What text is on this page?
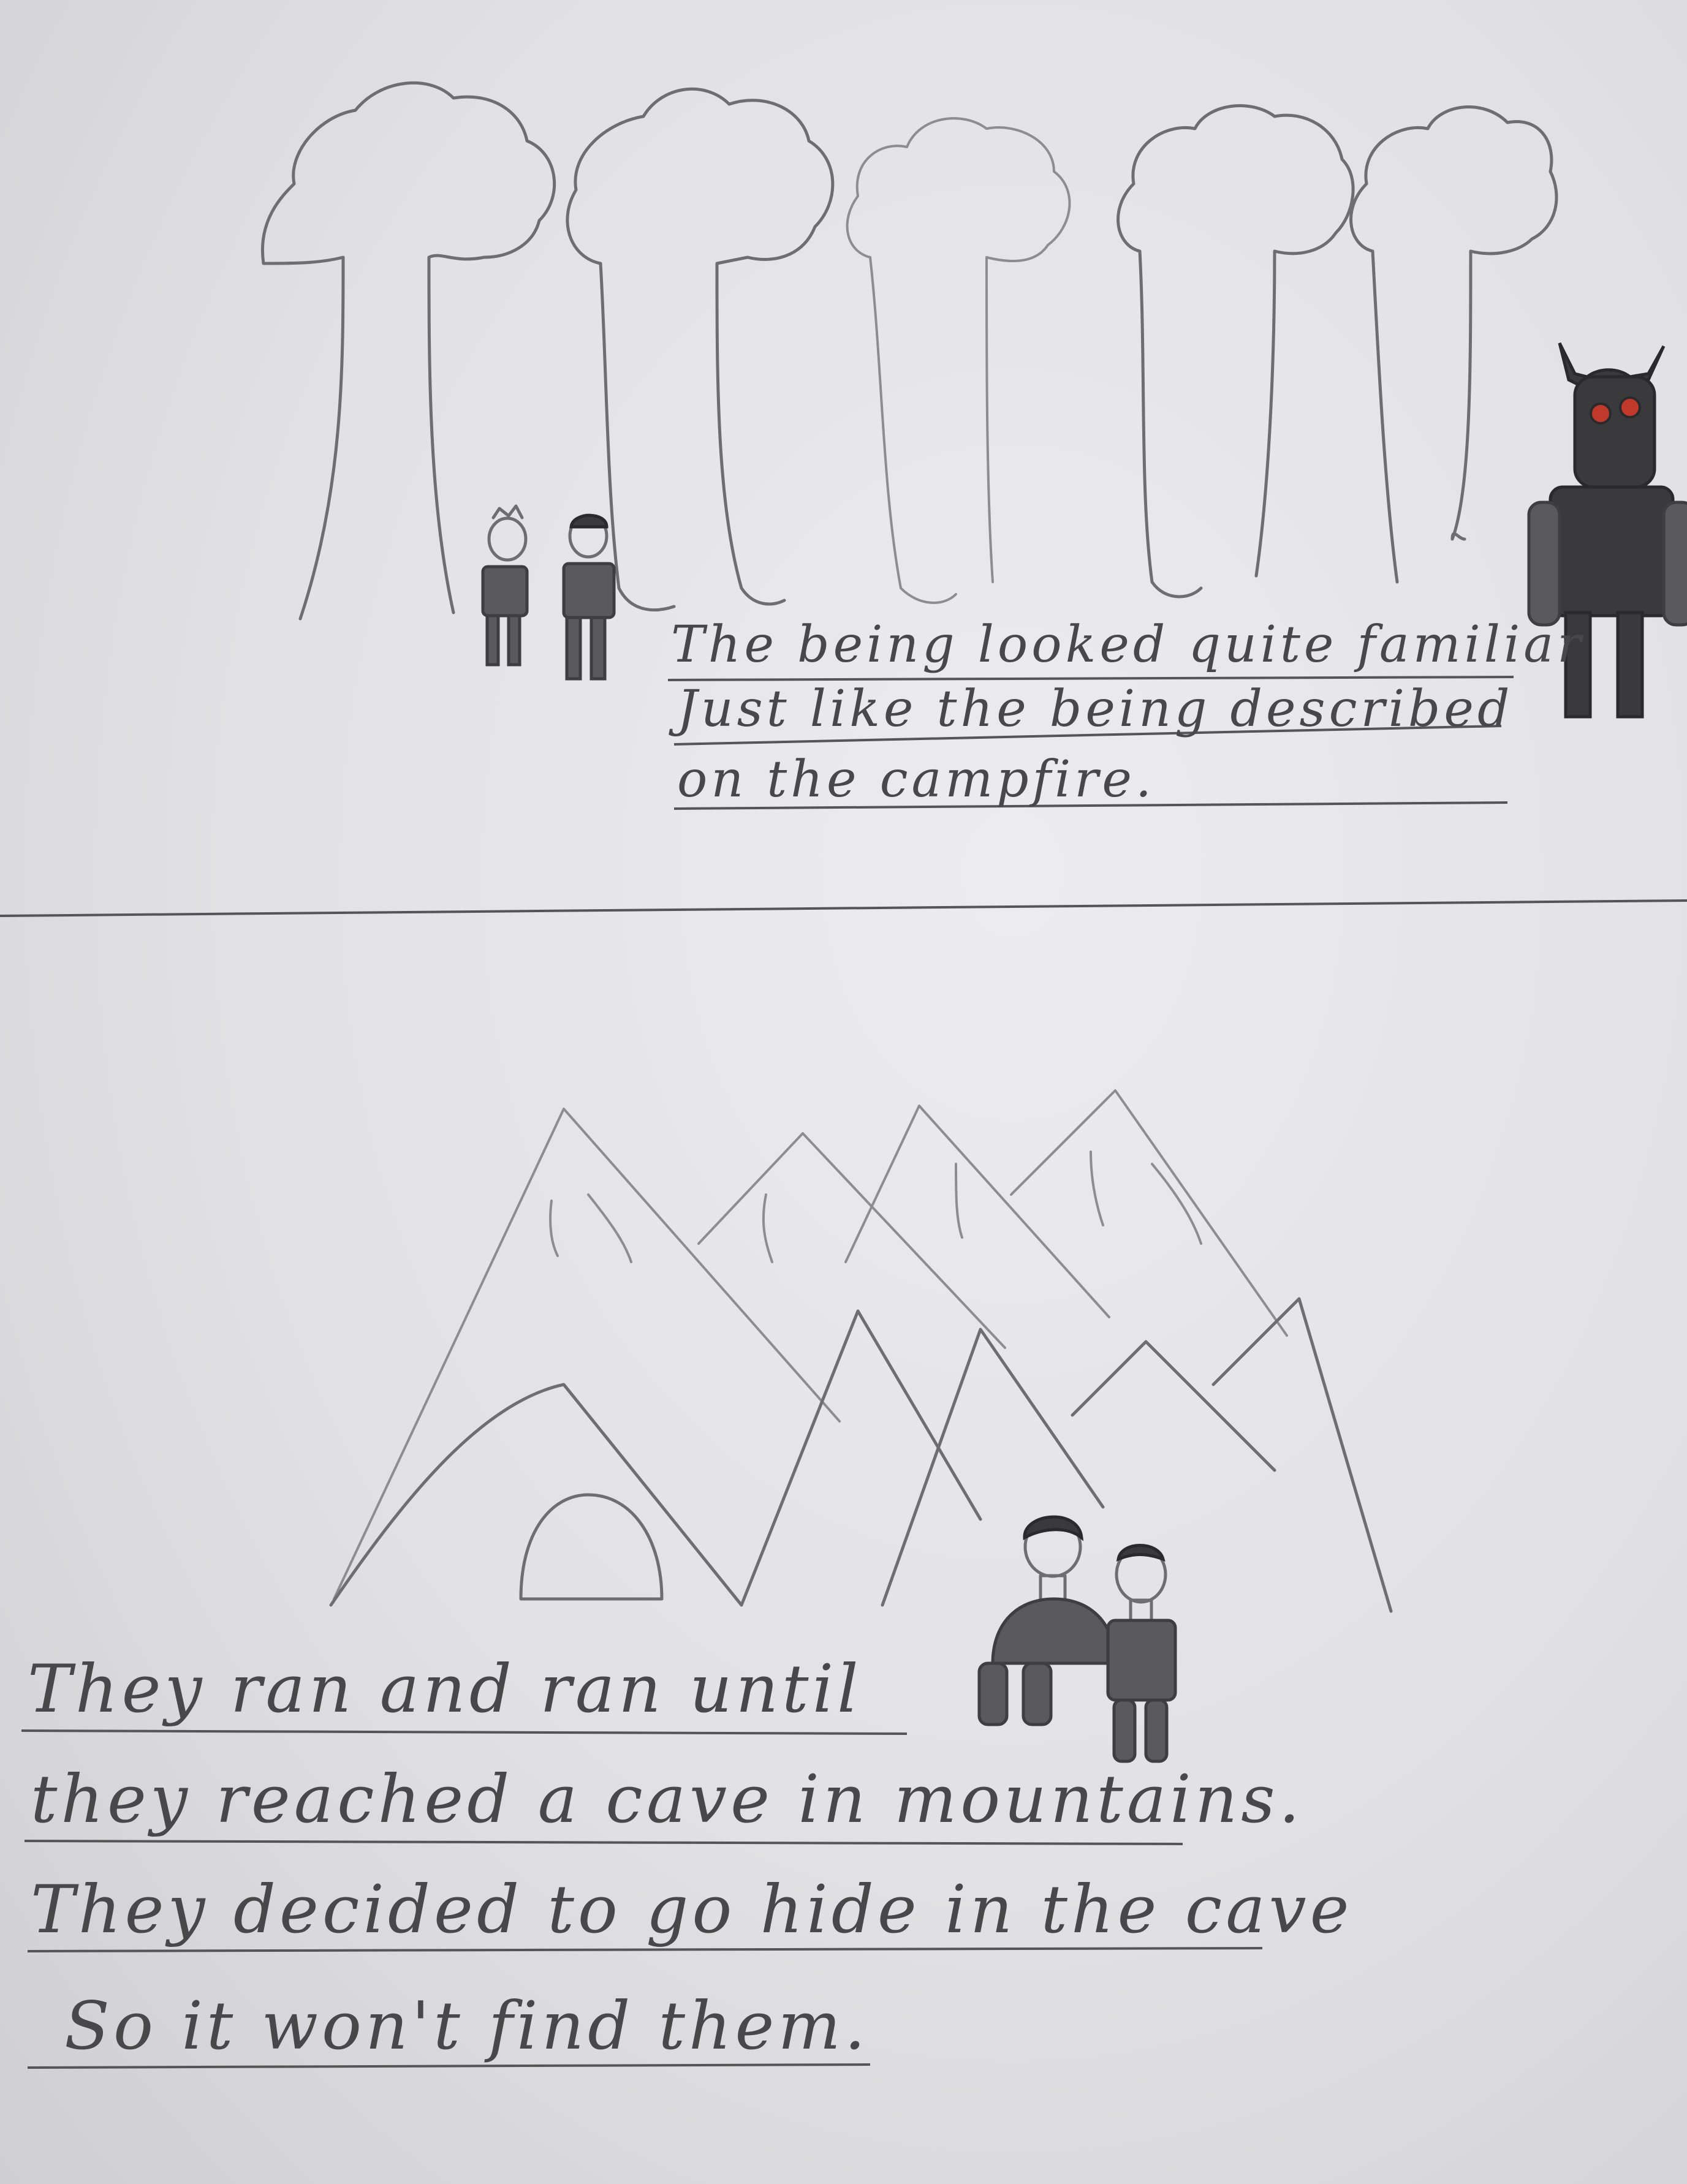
The being looked quite familiar
Just like the being described
on the campfire.
They ran and ran until
they reached a cave in mountains.
They decided to go hide in the cave
So it won't find them.
